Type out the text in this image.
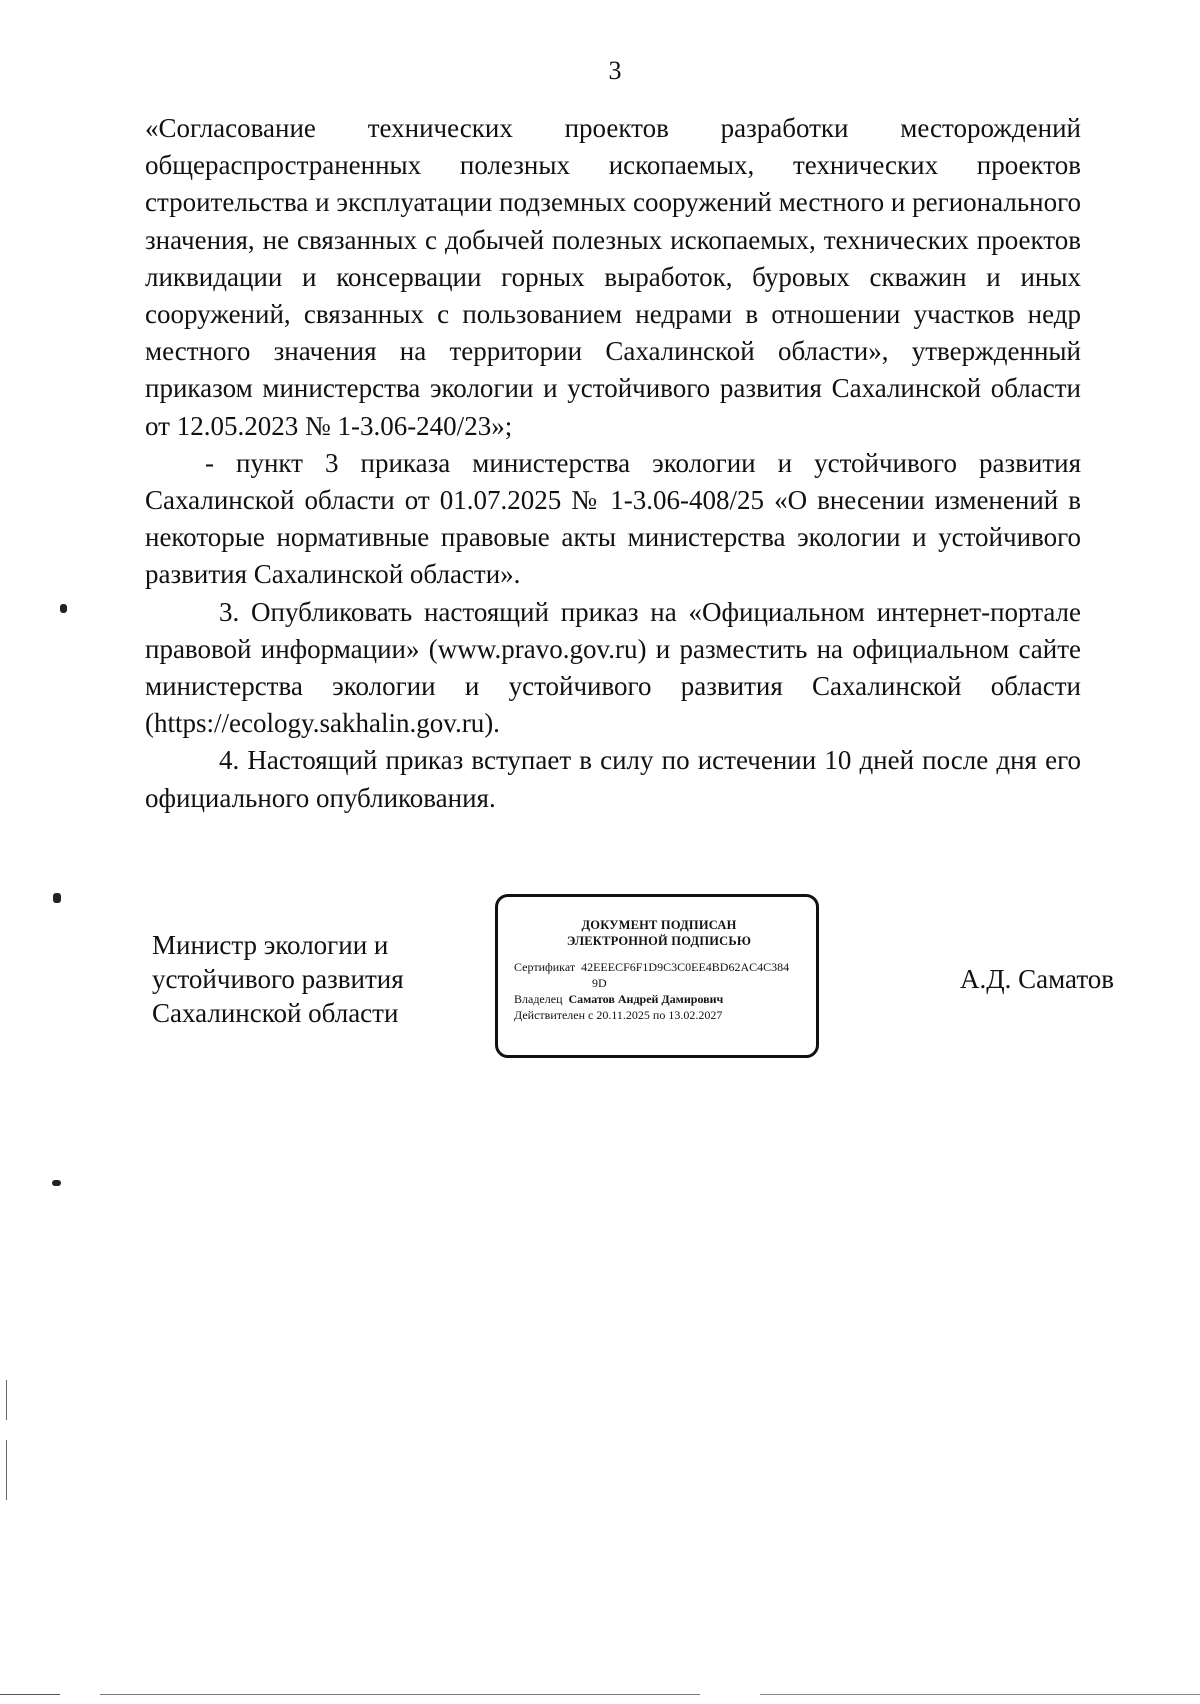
3

«Согласование технических проектов разработки месторождений общераспространенных полезных ископаемых, технических проектов строительства и эксплуатации подземных сооружений местного и регионального значения, не связанных с добычей полезных ископаемых, технических проектов ликвидации и консервации горных выработок, буровых скважин и иных сооружений, связанных с пользованием недрами в отношении участков недр местного значения на территории Сахалинской области», утвержденный приказом министерства экологии и устойчивого развития Сахалинской области от 12.05.2023 № 1-3.06-240/23»;

- пункт 3 приказа министерства экологии и устойчивого развития Сахалинской области от 01.07.2025 № 1-3.06-408/25 «О внесении изменений в некоторые нормативные правовые акты министерства экологии и устойчивого развития Сахалинской области».

3. Опубликовать настоящий приказ на «Официальном интернет-портале правовой информации» (www.pravo.gov.ru) и разместить на официальном сайте министерства экологии и устойчивого развития Сахалинской области (https://ecology.sakhalin.gov.ru).

4. Настоящий приказ вступает в силу по истечении 10 дней после дня его официального опубликования.

Министр экологии и
устойчивого развития
Сахалинской области
ДОКУМЕНТ ПОДПИСАН
ЭЛЕКТРОННОЙ ПОДПИСЬЮ
Сертификат 42EEECF6F1D9C3C0EE4BD62AC4C384
9D
Владелец Саматов Андрей Дамирович
Действителен с 20.11.2025 по 13.02.2027
А.Д. Саматов
